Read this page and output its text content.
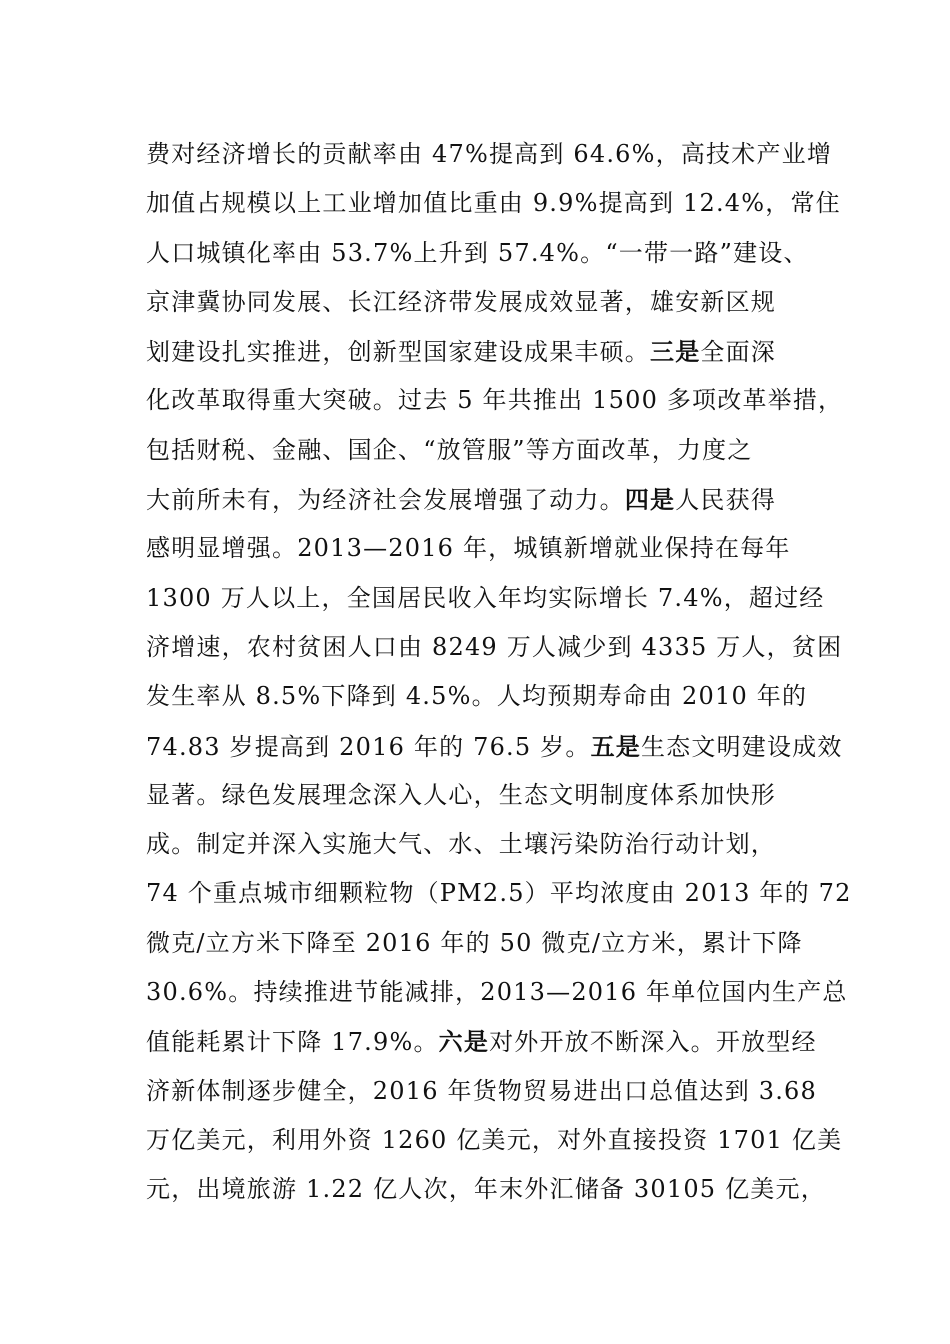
费对经济增长的贡献率由 47%提高到 64.6%，高技术产业增
加值占规模以上工业增加值比重由 9.9%提高到 12.4%，常住
人口城镇化率由 53.7%上升到 57.4%。“一带一路”建设、
京津冀协同发展、长江经济带发展成效显著，雄安新区规
划建设扎实推进，创新型国家建设成果丰硕。三是全面深
化改革取得重大突破。过去 5 年共推出 1500 多项改革举措，
包括财税、金融、国企、“放管服”等方面改革，力度之
大前所未有，为经济社会发展增强了动力。四是人民获得
感明显增强。2013—2016 年，城镇新增就业保持在每年
1300 万人以上，全国居民收入年均实际增长 7.4%，超过经
济增速，农村贫困人口由 8249 万人减少到 4335 万人，贫困
发生率从 8.5%下降到 4.5%。人均预期寿命由 2010 年的
74.83 岁提高到 2016 年的 76.5 岁。五是生态文明建设成效
显著。绿色发展理念深入人心，生态文明制度体系加快形
成。制定并深入实施大气、水、土壤污染防治行动计划，
74 个重点城市细颗粒物（PM2.5）平均浓度由 2013 年的 72
微克/立方米下降至 2016 年的 50 微克/立方米，累计下降
30.6%。持续推进节能减排，2013—2016 年单位国内生产总
值能耗累计下降 17.9%。六是对外开放不断深入。开放型经
济新体制逐步健全，2016 年货物贸易进出口总值达到 3.68
万亿美元，利用外资 1260 亿美元，对外直接投资 1701 亿美
元，出境旅游 1.22 亿人次，年末外汇储备 30105 亿美元，
